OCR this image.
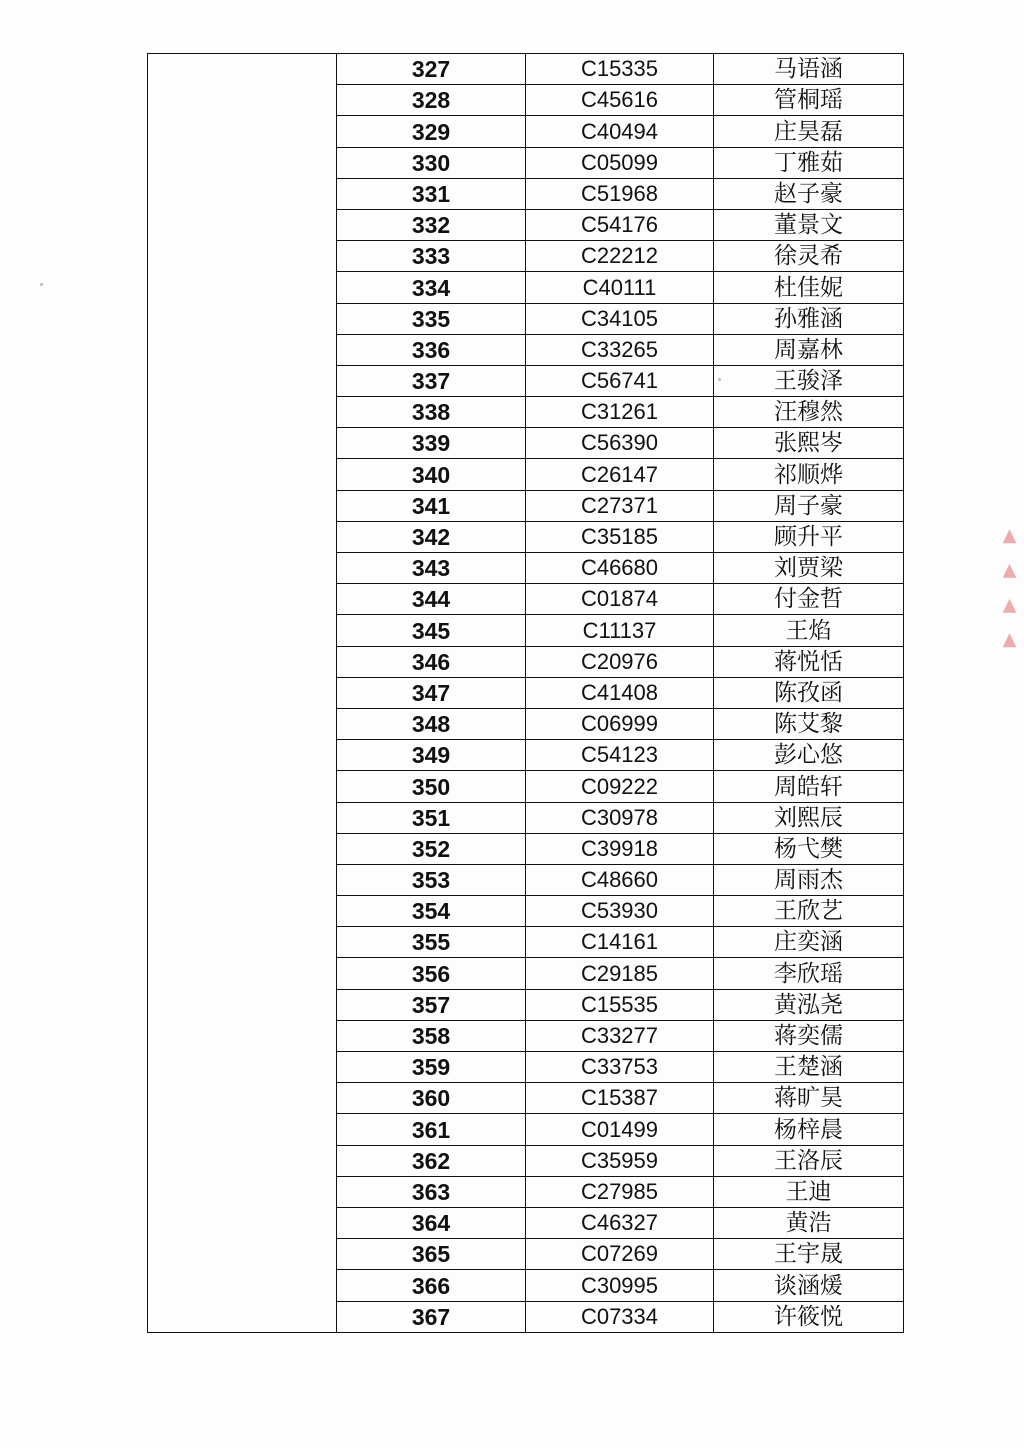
	327	C15335	马语涵
	328	C45616	管桐瑶
	329	C40494	庄昊磊
	330	C05099	丁雅茹
	331	C51968	赵子豪
	332	C54176	董景文
	333	C22212	徐灵希
	334	C40111	杜佳妮
	335	C34105	孙雅涵
	336	C33265	周嘉林
	337	C56741	王骏泽
	338	C31261	汪穆然
	339	C56390	张熙岑
	340	C26147	祁顺烨
	341	C27371	周子豪
	342	C35185	顾升平
	343	C46680	刘贾梁
	344	C01874	付金哲
	345	C11137	王焰
	346	C20976	蒋悦恬
	347	C41408	陈孜函
	348	C06999	陈艾黎
	349	C54123	彭心悠
	350	C09222	周皓轩
	351	C30978	刘熙辰
	352	C39918	杨弋樊
	353	C48660	周雨杰
	354	C53930	王欣艺
	355	C14161	庄奕涵
	356	C29185	李欣瑶
	357	C15535	黄泓尧
	358	C33277	蒋奕儒
	359	C33753	王楚涵
	360	C15387	蒋旷昊
	361	C01499	杨梓晨
	362	C35959	王洛辰
	363	C27985	王迪
	364	C46327	黄浩
	365	C07269	王宇晟
	366	C30995	谈涵煖
	367	C07334	许筱悦
▲ ▲ ▲ ▲
